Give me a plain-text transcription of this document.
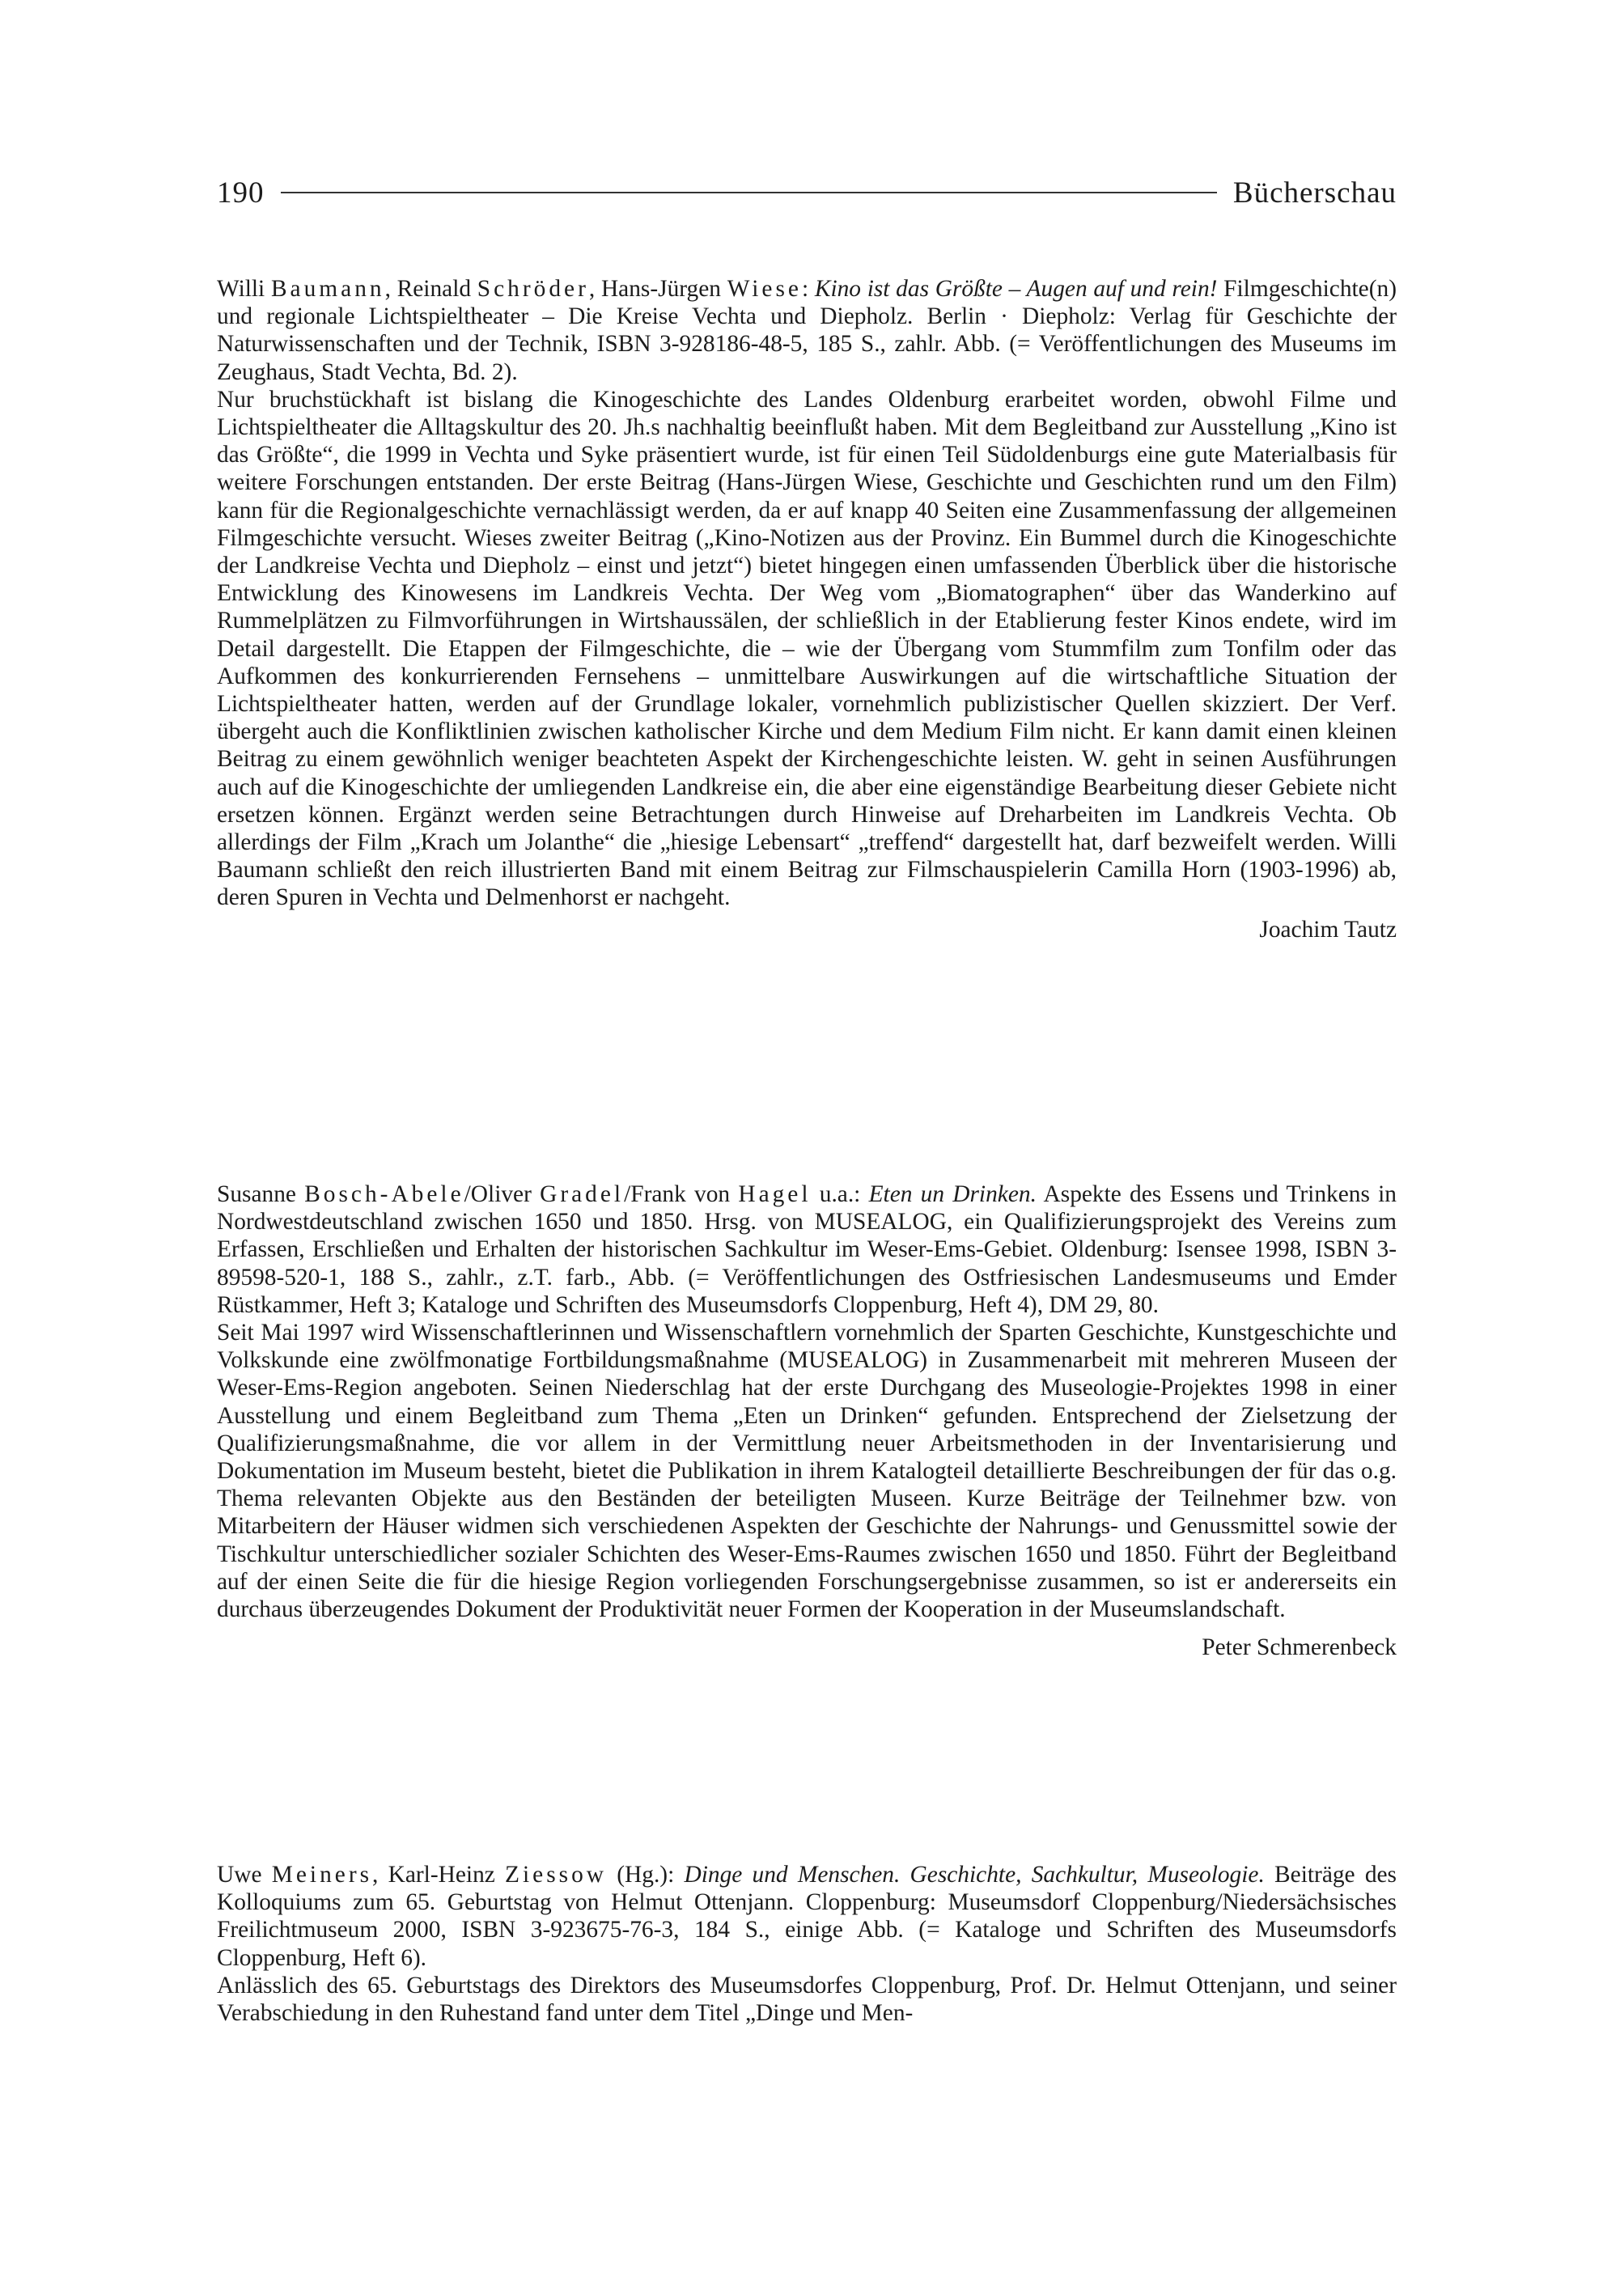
190	Bücherschau

Willi Baumann, Reinald Schröder, Hans-Jürgen Wiese: Kino ist das Größte – Augen auf und rein! Filmgeschichte(n) und regionale Lichtspieltheater – Die Kreise Vechta und Diepholz. Berlin · Diepholz: Verlag für Geschichte der Naturwissenschaften und der Technik, ISBN 3-928186-48-5, 185 S., zahlr. Abb. (= Veröffentlichungen des Museums im Zeughaus, Stadt Vechta, Bd. 2).

Nur bruchstückhaft ist bislang die Kinogeschichte des Landes Oldenburg erarbeitet worden, obwohl Filme und Lichtspieltheater die Alltagskultur des 20. Jh.s nachhaltig beeinflußt haben. Mit dem Begleitband zur Ausstellung „Kino ist das Größte“, die 1999 in Vechta und Syke präsentiert wurde, ist für einen Teil Südoldenburgs eine gute Materialbasis für weitere Forschungen entstanden. Der erste Beitrag (Hans-Jürgen Wiese, Geschichte und Geschichten rund um den Film) kann für die Regionalgeschichte vernachlässigt werden, da er auf knapp 40 Seiten eine Zusammenfassung der allgemeinen Filmgeschichte versucht. Wieses zweiter Beitrag („Kino-Notizen aus der Provinz. Ein Bummel durch die Kinogeschichte der Landkreise Vechta und Diepholz – einst und jetzt“) bietet hingegen einen umfassenden Überblick über die historische Entwicklung des Kinowesens im Landkreis Vechta. Der Weg vom „Biomatographen“ über das Wanderkino auf Rummelplätzen zu Filmvorführungen in Wirtshaussälen, der schließlich in der Etablierung fester Kinos endete, wird im Detail dargestellt. Die Etappen der Filmgeschichte, die – wie der Übergang vom Stummfilm zum Tonfilm oder das Aufkommen des konkurrierenden Fernsehens – unmittelbare Auswirkungen auf die wirtschaftliche Situation der Lichtspieltheater hatten, werden auf der Grundlage lokaler, vornehmlich publizistischer Quellen skizziert. Der Verf. übergeht auch die Konfliktlinien zwischen katholischer Kirche und dem Medium Film nicht. Er kann damit einen kleinen Beitrag zu einem gewöhnlich weniger beachteten Aspekt der Kirchengeschichte leisten. W. geht in seinen Ausführungen auch auf die Kinogeschichte der umliegenden Landkreise ein, die aber eine eigenständige Bearbeitung dieser Gebiete nicht ersetzen können. Ergänzt werden seine Betrachtungen durch Hinweise auf Dreharbeiten im Landkreis Vechta. Ob allerdings der Film „Krach um Jolanthe“ die „hiesige Lebensart“ „treffend“ dargestellt hat, darf bezweifelt werden. Willi Baumann schließt den reich illustrierten Band mit einem Beitrag zur Filmschauspielerin Camilla Horn (1903-1996) ab, deren Spuren in Vechta und Delmenhorst er nachgeht.

Joachim Tautz

Susanne Bosch-Abele/Oliver Gradel/Frank von Hagel u.a.: Eten un Drinken. Aspekte des Essens und Trinkens in Nordwestdeutschland zwischen 1650 und 1850. Hrsg. von MUSEALOG, ein Qualifizierungsprojekt des Vereins zum Erfassen, Erschließen und Erhalten der historischen Sachkultur im Weser-Ems-Gebiet. Oldenburg: Isensee 1998, ISBN 3-89598-520-1, 188 S., zahlr., z.T. farb., Abb. (= Veröffentlichungen des Ostfriesischen Landesmuseums und Emder Rüstkammer, Heft 3; Kataloge und Schriften des Museumsdorfs Cloppenburg, Heft 4), DM 29, 80.

Seit Mai 1997 wird Wissenschaftlerinnen und Wissenschaftlern vornehmlich der Sparten Geschichte, Kunstgeschichte und Volkskunde eine zwölfmonatige Fortbildungsmaßnahme (MUSEALOG) in Zusammenarbeit mit mehreren Museen der Weser-Ems-Region angeboten. Seinen Niederschlag hat der erste Durchgang des Museologie-Projektes 1998 in einer Ausstellung und einem Begleitband zum Thema „Eten un Drinken“ gefunden. Entsprechend der Zielsetzung der Qualifizierungsmaßnahme, die vor allem in der Vermittlung neuer Arbeitsmethoden in der Inventarisierung und Dokumentation im Museum besteht, bietet die Publikation in ihrem Katalogteil detaillierte Beschreibungen der für das o.g. Thema relevanten Objekte aus den Beständen der beteiligten Museen. Kurze Beiträge der Teilnehmer bzw. von Mitarbeitern der Häuser widmen sich verschiedenen Aspekten der Geschichte der Nahrungs- und Genussmittel sowie der Tischkultur unterschiedlicher sozialer Schichten des Weser-Ems-Raumes zwischen 1650 und 1850. Führt der Begleitband auf der einen Seite die für die hiesige Region vorliegenden Forschungsergebnisse zusammen, so ist er andererseits ein durchaus überzeugendes Dokument der Produktivität neuer Formen der Kooperation in der Museumslandschaft.

Peter Schmerenbeck

Uwe Meiners, Karl-Heinz Ziessow (Hg.): Dinge und Menschen. Geschichte, Sachkultur, Museologie. Beiträge des Kolloquiums zum 65. Geburtstag von Helmut Ottenjann. Cloppenburg: Museumsdorf Cloppenburg/Niedersächsisches Freilichtmuseum 2000, ISBN 3-923675-76-3, 184 S., einige Abb. (= Kataloge und Schriften des Museumsdorfs Cloppenburg, Heft 6).

Anlässlich des 65. Geburtstags des Direktors des Museumsdorfes Cloppenburg, Prof. Dr. Helmut Ottenjann, und seiner Verabschiedung in den Ruhestand fand unter dem Titel „Dinge und Men-
